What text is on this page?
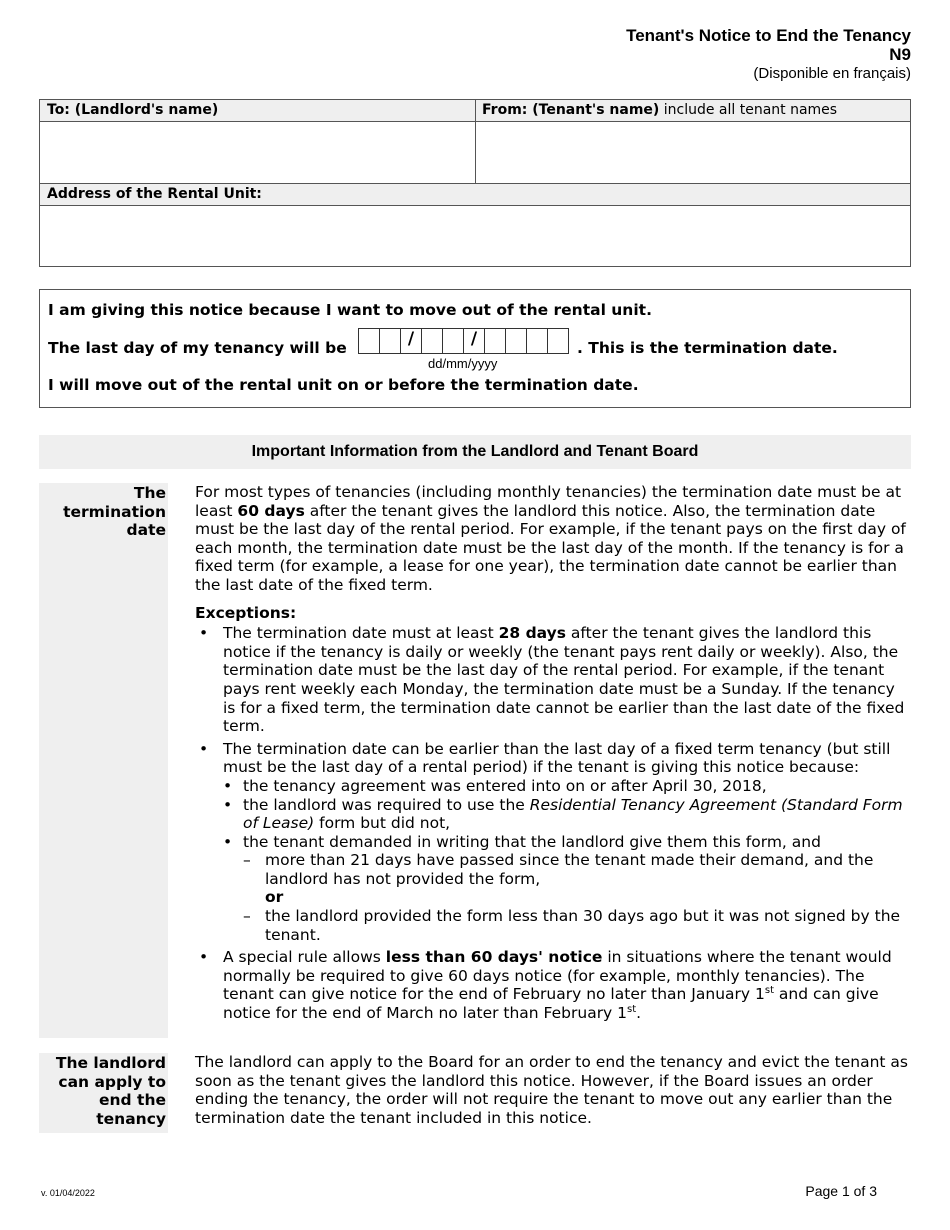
Tenant's Notice to End the Tenancy
N9
(Disponible en français)
To: (Landlord's name)	From: (Tenant's name) include all tenant names
Address of the Rental Unit:
I am giving this notice because I want to move out of the rental unit.
The last day of my tenancy will be	/	/	. This is the termination date.
dd/mm/yyyy
I will move out of the rental unit on or before the termination date.
Important Information from the Landlord and Tenant Board
The termination date

For most types of tenancies (including monthly tenancies) the termination date must be at least 60 days after the tenant gives the landlord this notice. Also, the termination date must be the last day of the rental period. For example, if the tenant pays on the first day of each month, the termination date must be the last day of the month. If the tenancy is for a fixed term (for example, a lease for one year), the termination date cannot be earlier than the last date of the fixed term.

Exceptions:

• The termination date must at least 28 days after the tenant gives the landlord this notice if the tenancy is daily or weekly (the tenant pays rent daily or weekly). Also, the termination date must be the last day of the rental period. For example, if the tenant pays rent weekly each Monday, the termination date must be a Sunday. If the tenancy is for a fixed term, the termination date cannot be earlier than the last date of the fixed term.
• The termination date can be earlier than the last day of a fixed term tenancy (but still must be the last day of a rental period) if the tenant is giving this notice because:
• the tenancy agreement was entered into on or after April 30, 2018,
• the landlord was required to use the Residential Tenancy Agreement (Standard Form of Lease) form but did not,
• the tenant demanded in writing that the landlord give them this form, and
– more than 21 days have passed since the tenant made their demand, and the landlord has not provided the form,
or
– the landlord provided the form less than 30 days ago but it was not signed by the tenant.
• A special rule allows less than 60 days' notice in situations where the tenant would normally be required to give 60 days notice (for example, monthly tenancies). The tenant can give notice for the end of February no later than January 1st and can give notice for the end of March no later than February 1st.
The landlord can apply to end the tenancy

The landlord can apply to the Board for an order to end the tenancy and evict the tenant as soon as the tenant gives the landlord this notice. However, if the Board issues an order ending the tenancy, the order will not require the tenant to move out any earlier than the termination date the tenant included in this notice.

v. 01/04/2022	Page 1 of 3
